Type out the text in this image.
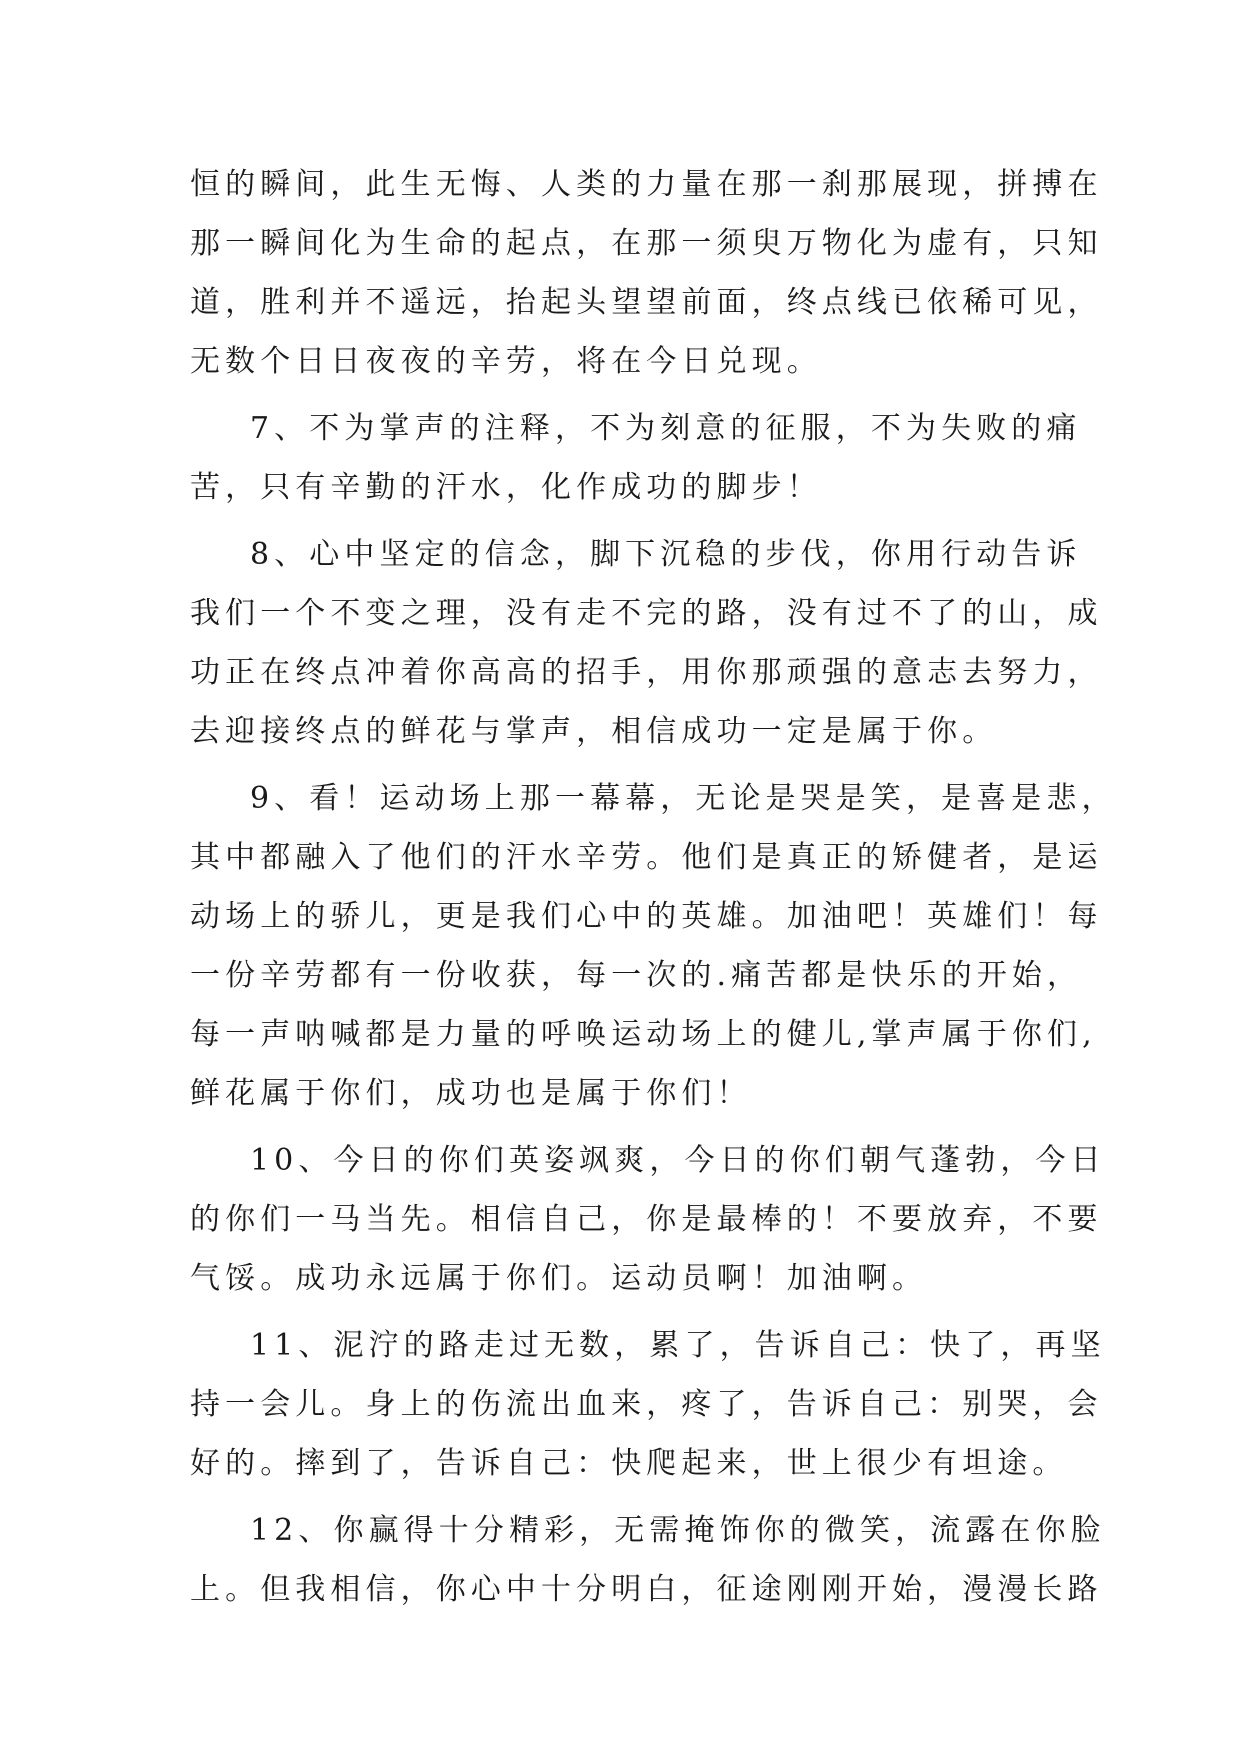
恒的瞬间，此生无悔、人类的力量在那一刹那展现，拼搏在
那一瞬间化为生命的起点，在那一须臾万物化为虚有，只知
道，胜利并不遥远，抬起头望望前面，终点线已依稀可见，
无数个日日夜夜的辛劳，将在今日兑现。
7、不为掌声的注释，不为刻意的征服，不为失败的痛
苦，只有辛勤的汗水，化作成功的脚步！
8、心中坚定的信念，脚下沉稳的步伐，你用行动告诉
我们一个不变之理，没有走不完的路，没有过不了的山，成
功正在终点冲着你高高的招手，用你那顽强的意志去努力，
去迎接终点的鲜花与掌声，相信成功一定是属于你。
9、看！运动场上那一幕幕，无论是哭是笑，是喜是悲，
其中都融入了他们的汗水辛劳。他们是真正的矫健者，是运
动场上的骄儿，更是我们心中的英雄。加油吧！英雄们！每
一份辛劳都有一份收获，每一次的.痛苦都是快乐的开始，
每一声呐喊都是力量的呼唤运动场上的健儿,掌声属于你们,
鲜花属于你们，成功也是属于你们！
10、今日的你们英姿飒爽，今日的你们朝气蓬勃，今日
的你们一马当先。相信自己，你是最棒的！不要放弃，不要
气馁。成功永远属于你们。运动员啊！加油啊。
11、泥泞的路走过无数，累了，告诉自己：快了，再坚
持一会儿。身上的伤流出血来，疼了，告诉自己：别哭，会
好的。摔到了，告诉自己：快爬起来，世上很少有坦途。
12、你赢得十分精彩，无需掩饰你的微笑，流露在你脸
上。但我相信，你心中十分明白，征途刚刚开始，漫漫长路
